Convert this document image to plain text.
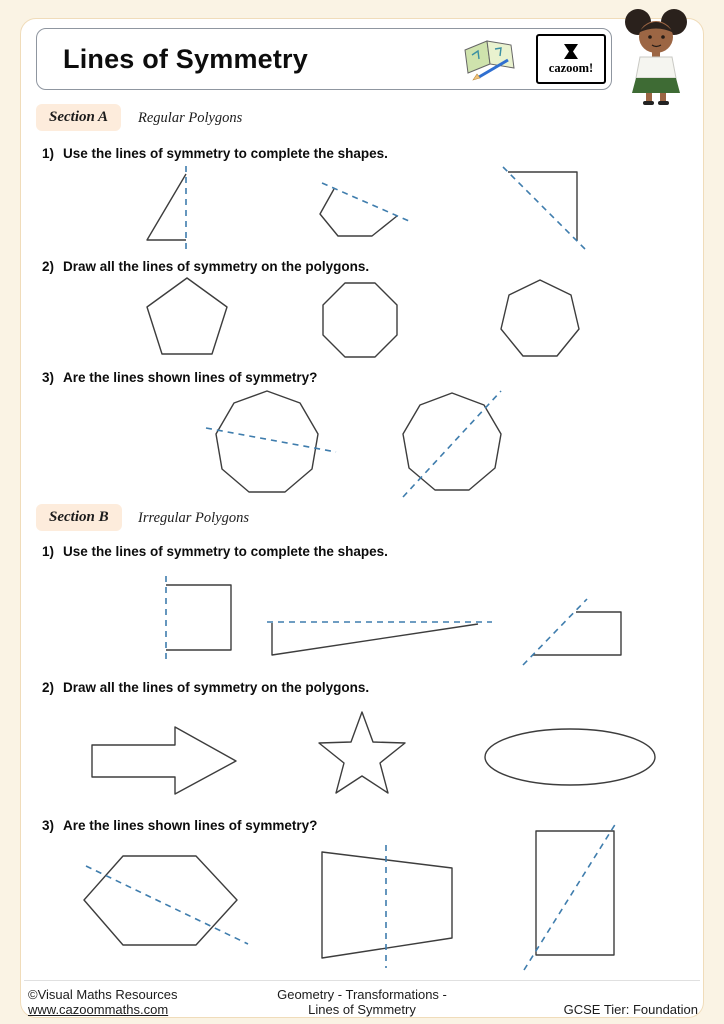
Lines of Symmetry	cazoom!
Section A	Regular Polygons
1) Use the lines of symmetry to complete the shapes.
2) Draw all the lines of symmetry on the polygons.
3) Are the lines shown lines of symmetry?
Section B	Irregular Polygons
1) Use the lines of symmetry to complete the shapes.
2) Draw all the lines of symmetry on the polygons.
3) Are the lines shown lines of symmetry?
©Visual Maths Resources
www.cazoommaths.com
Geometry - Transformations -
Lines of Symmetry	GCSE Tier: Foundation
